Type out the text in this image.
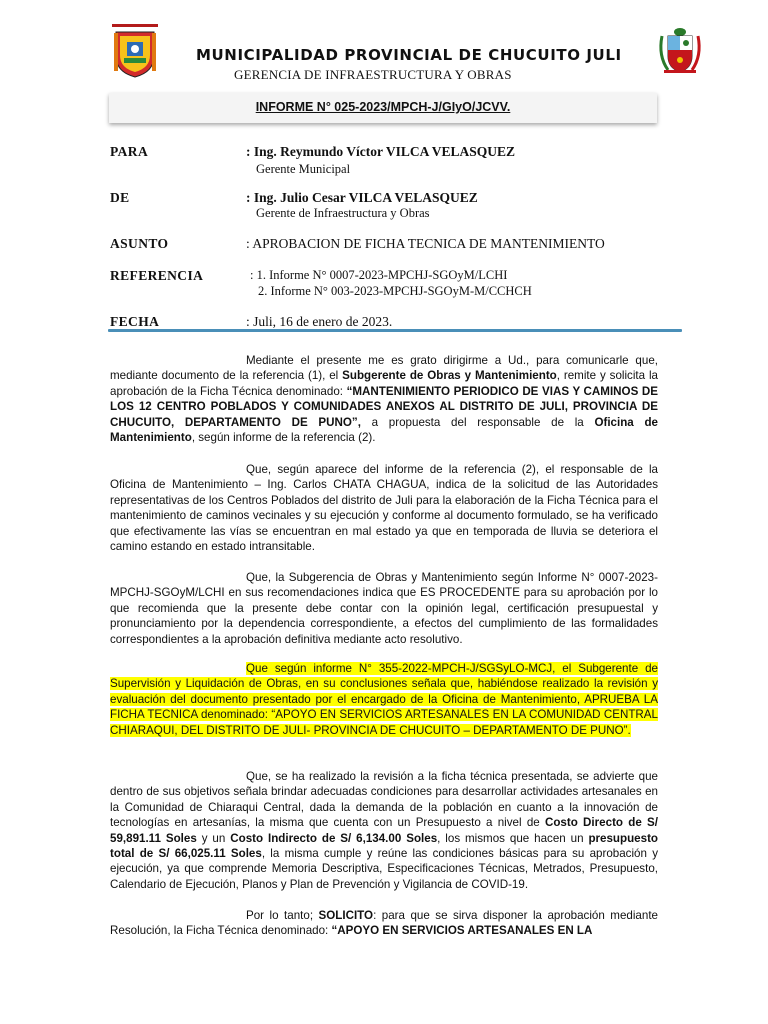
MUNICIPALIDAD PROVINCIAL DE CHUCUITO JULI
GERENCIA DE INFRAESTRUCTURA Y OBRAS
INFORME N° 025-2023/MPCH-J/GIyO/JCVV.
PARA	: Ing. Reymundo Víctor VILCA VELASQUEZ
Gerente Municipal
DE	: Ing. Julio Cesar VILCA VELASQUEZ
Gerente de Infraestructura y Obras
ASUNTO	: APROBACION DE FICHA TECNICA DE MANTENIMIENTO
REFERENCIA	: 1. Informe N° 0007-2023-MPCHJ-SGOyM/LCHI
2. Informe N° 003-2023-MPCHJ-SGOyM-M/CCHCH
FECHA	: Juli, 16 de enero de 2023.
Mediante el presente me es grato dirigirme a Ud., para comunicarle que, mediante documento de la referencia (1), el Subgerente de Obras y Mantenimiento, remite y solicita la aprobación de la Ficha Técnica denominado: “MANTENIMIENTO PERIODICO DE VIAS Y CAMINOS DE LOS 12 CENTRO POBLADOS Y COMUNIDADES ANEXOS AL DISTRITO DE JULI, PROVINCIA DE CHUCUITO, DEPARTAMENTO DE PUNO”, a propuesta del responsable de la Oficina de Mantenimiento, según informe de la referencia (2).
Que, según aparece del informe de la referencia (2), el responsable de la Oficina de Mantenimiento – Ing. Carlos CHATA CHAGUA, indica de la solicitud de las Autoridades representativas de los Centros Poblados del distrito de Juli para la elaboración de la Ficha Técnica para el mantenimiento de caminos vecinales y su ejecución y conforme al documento formulado, se ha verificado que efectivamente las vías se encuentran en mal estado ya que en temporada de lluvia se deteriora el camino estando en estado intransitable.
Que, la Subgerencia de Obras y Mantenimiento según Informe N° 0007-2023-MPCHJ-SGOyM/LCHI en sus recomendaciones indica que ES PROCEDENTE para su aprobación por lo que recomienda que la presente debe contar con la opinión legal, certificación presupuestal y pronunciamiento por la dependencia correspondiente, a efectos del cumplimiento de las formalidades correspondientes a la aprobación definitiva mediante acto resolutivo.
Que según informe N° 355-2022-MPCH-J/SGSyLO-MCJ, el Subgerente de Supervisión y Liquidación de Obras, en su conclusiones señala que, habiéndose realizado la revisión y evaluación del documento presentado por el encargado de la Oficina de Mantenimiento, APRUEBA LA FICHA TECNICA denominado: “APOYO EN SERVICIOS ARTESANALES EN LA COMUNIDAD CENTRAL CHIARAQUI, DEL DISTRITO DE JULI- PROVINCIA DE CHUCUITO – DEPARTAMENTO DE PUNO”.
Que, se ha realizado la revisión a la ficha técnica presentada, se advierte que dentro de sus objetivos señala brindar adecuadas condiciones para desarrollar actividades artesanales en la Comunidad de Chiaraqui Central, dada la demanda de la población en cuanto a la innovación de tecnologías en artesanías, la misma que cuenta con un Presupuesto a nivel de Costo Directo de S/ 59,891.11 Soles y un Costo Indirecto de S/ 6,134.00 Soles, los mismos que hacen un presupuesto total de S/ 66,025.11 Soles, la misma cumple y reúne las condiciones básicas para su aprobación y ejecución, ya que comprende Memoria Descriptiva, Especificaciones Técnicas, Metrados, Presupuesto, Calendario de Ejecución, Planos y Plan de Prevención y Vigilancia de COVID-19.
Por lo tanto; SOLICITO: para que se sirva disponer la aprobación mediante Resolución, la Ficha Técnica denominado: “APOYO EN SERVICIOS ARTESANALES EN LA
